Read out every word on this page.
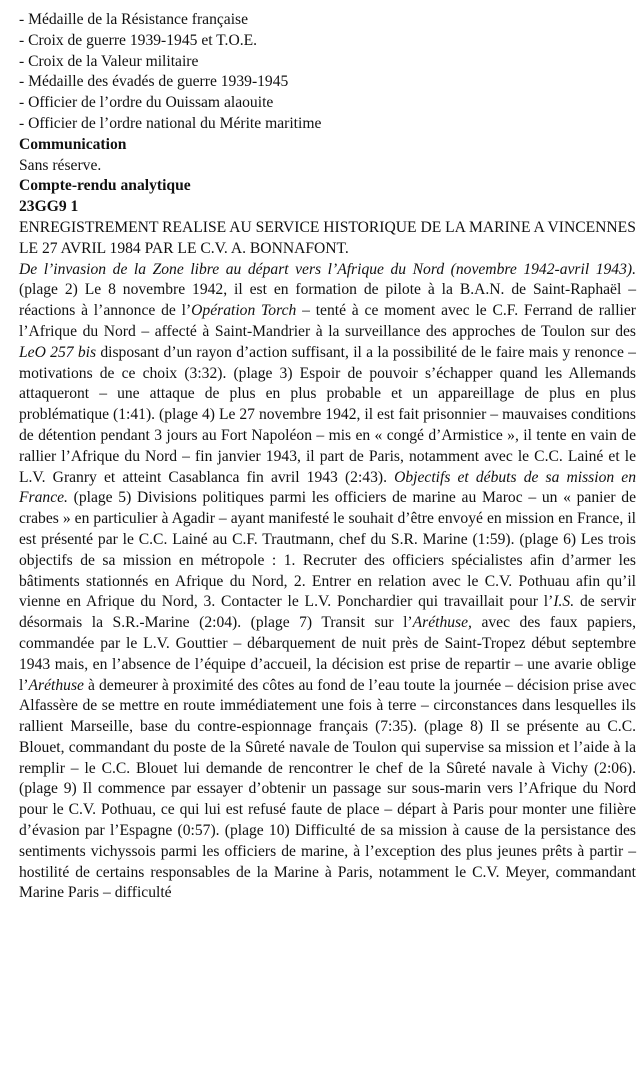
- Médaille de la Résistance française
- Croix de guerre 1939-1945 et T.O.E.
- Croix de la Valeur militaire
- Médaille des évadés de guerre 1939-1945
- Officier de l’ordre du Ouissam alaouite
- Officier de l’ordre national du Mérite maritime

Communication

Sans réserve.

Compte-rendu analytique

23GG9 1

ENREGISTREMENT REALISE AU SERVICE HISTORIQUE DE LA MARINE A VINCENNES LE 27 AVRIL 1984 PAR LE C.V. A. BONNAFONT.

De l’invasion de la Zone libre au départ vers l’Afrique du Nord (novembre 1942-avril 1943). (plage 2) Le 8 novembre 1942, il est en formation de pilote à la B.A.N. de Saint-Raphaël – réactions à l’annonce de l’Opération Torch – tenté à ce moment avec le C.F. Ferrand de rallier l’Afrique du Nord – affecté à Saint-Mandrier à la surveillance des approches de Toulon sur des LeO 257 bis disposant d’un rayon d’action suffisant, il a la possibilité de le faire mais y renonce – motivations de ce choix (3:32). (plage 3) Espoir de pouvoir s’échapper quand les Allemands attaqueront – une attaque de plus en plus probable et un appareillage de plus en plus problématique (1:41). (plage 4) Le 27 novembre 1942, il est fait prisonnier – mauvaises conditions de détention pendant 3 jours au Fort Napoléon – mis en « congé d’Armistice », il tente en vain de rallier l’Afrique du Nord – fin janvier 1943, il part de Paris, notamment avec le C.C. Lainé et le L.V. Granry et atteint Casablanca fin avril 1943 (2:43). Objectifs et débuts de sa mission en France. (plage 5) Divisions politiques parmi les officiers de marine au Maroc – un « panier de crabes » en particulier à Agadir – ayant manifesté le souhait d’être envoyé en mission en France, il est présenté par le C.C. Lainé au C.F. Trautmann, chef du S.R. Marine (1:59). (plage 6) Les trois objectifs de sa mission en métropole : 1. Recruter des officiers spécialistes afin d’armer les bâtiments stationnés en Afrique du Nord, 2. Entrer en relation avec le C.V. Pothuau afin qu’il vienne en Afrique du Nord, 3. Contacter le L.V. Ponchardier qui travaillait pour l’I.S. de servir désormais la S.R.-Marine (2:04). (plage 7) Transit sur l’Aréthuse, avec des faux papiers, commandée par le L.V. Gouttier – débarquement de nuit près de Saint-Tropez début septembre 1943 mais, en l’absence de l’équipe d’accueil, la décision est prise de repartir – une avarie oblige l’Aréthuse à demeurer à proximité des côtes au fond de l’eau toute la journée – décision prise avec Alfassère de se mettre en route immédiatement une fois à terre – circonstances dans lesquelles ils rallient Marseille, base du contre-espionnage français (7:35). (plage 8) Il se présente au C.C. Blouet, commandant du poste de la Sûreté navale de Toulon qui supervise sa mission et l’aide à la remplir – le C.C. Blouet lui demande de rencontrer le chef de la Sûreté navale à Vichy (2:06). (plage 9) Il commence par essayer d’obtenir un passage sur sous-marin vers l’Afrique du Nord pour le C.V. Pothuau, ce qui lui est refusé faute de place – départ à Paris pour monter une filière d’évasion par l’Espagne (0:57). (plage 10) Difficulté de sa mission à cause de la persistance des sentiments vichyssois parmi les officiers de marine, à l’exception des plus jeunes prêts à partir – hostilité de certains responsables de la Marine à Paris, notamment le C.V. Meyer, commandant Marine Paris – difficulté
